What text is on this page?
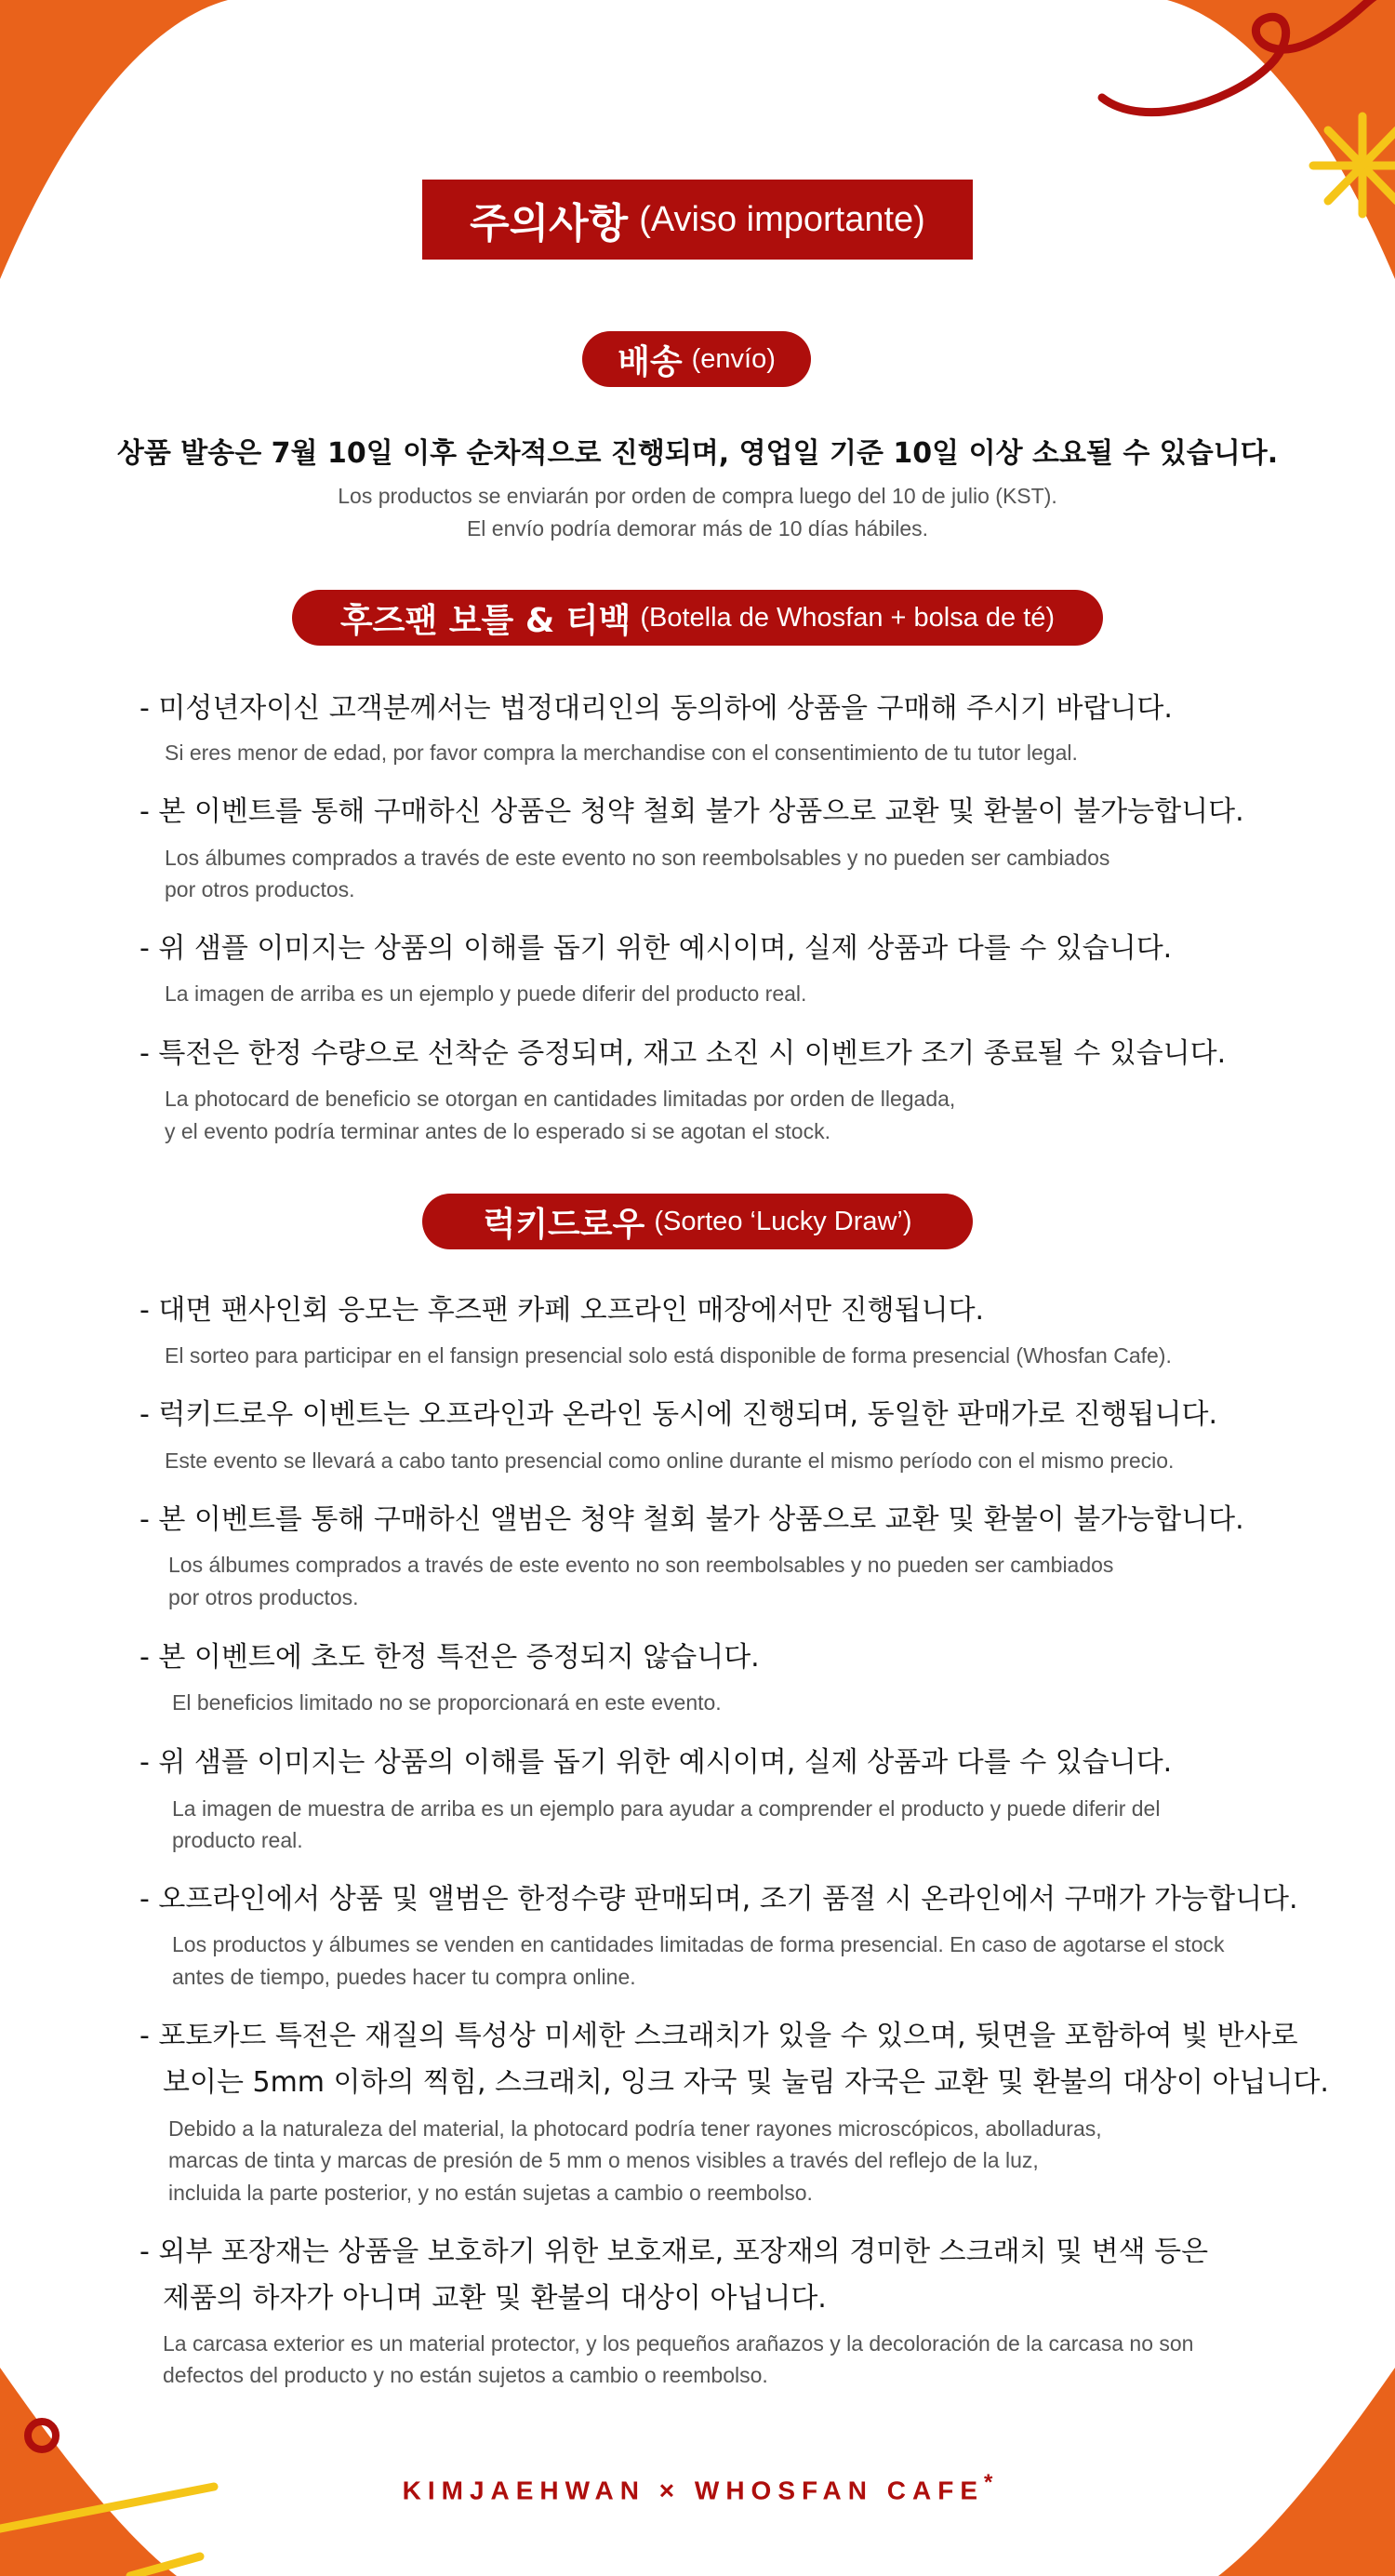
주의사항 (Aviso importante)
배송 (envío)
상품 발송은 7월 10일 이후 순차적으로 진행되며, 영업일 기준 10일 이상 소요될 수 있습니다.
Los productos se enviarán por orden de compra luego del 10 de julio (KST).
El envío podría demorar más de 10 días hábiles.
후즈팬 보틀 & 티백 (Botella de Whosfan + bolsa de té)
- 미성년자이신 고객분께서는 법정대리인의 동의하에 상품을 구매해 주시기 바랍니다.
Si eres menor de edad, por favor compra la merchandise con el consentimiento de tu tutor legal.
- 본 이벤트를 통해 구매하신 상품은 청약 철회 불가 상품으로 교환 및 환불이 불가능합니다.
Los álbumes comprados a través de este evento no son reembolsables y no pueden ser cambiados
por otros productos.
- 위 샘플 이미지는 상품의 이해를 돕기 위한 예시이며, 실제 상품과 다를 수 있습니다.
La imagen de arriba es un ejemplo y puede diferir del producto real.
- 특전은 한정 수량으로 선착순 증정되며, 재고 소진 시 이벤트가 조기 종료될 수 있습니다.
La photocard de beneficio se otorgan en cantidades limitadas por orden de llegada,
y el evento podría terminar antes de lo esperado si se agotan el stock.
럭키드로우 (Sorteo ‘Lucky Draw’)
- 대면 팬사인회 응모는 후즈팬 카페 오프라인 매장에서만 진행됩니다.
El sorteo para participar en el fansign presencial solo está disponible de forma presencial (Whosfan Cafe).
- 럭키드로우 이벤트는 오프라인과 온라인 동시에 진행되며, 동일한 판매가로 진행됩니다.
Este evento se llevará a cabo tanto presencial como online durante el mismo período con el mismo precio.
- 본 이벤트를 통해 구매하신 앨범은 청약 철회 불가 상품으로 교환 및 환불이 불가능합니다.
Los álbumes comprados a través de este evento no son reembolsables y no pueden ser cambiados
por otros productos.
- 본 이벤트에 초도 한정 특전은 증정되지 않습니다.
El beneficios limitado no se proporcionará en este evento.
- 위 샘플 이미지는 상품의 이해를 돕기 위한 예시이며, 실제 상품과 다를 수 있습니다.
La imagen de muestra de arriba es un ejemplo para ayudar a comprender el producto y puede diferir del
producto real.
- 오프라인에서 상품 및 앨범은 한정수량 판매되며, 조기 품절 시 온라인에서 구매가 가능합니다.
Los productos y álbumes se venden en cantidades limitadas de forma presencial. En caso de agotarse el stock
antes de tiempo, puedes hacer tu compra online.
- 포토카드 특전은 재질의 특성상 미세한 스크래치가 있을 수 있으며, 뒷면을 포함하여 빛 반사로
보이는 5mm 이하의 찍힘, 스크래치, 잉크 자국 및 눌림 자국은 교환 및 환불의 대상이 아닙니다.
Debido a la naturaleza del material, la photocard podría tener rayones microscópicos, abolladuras,
marcas de tinta y marcas de presión de 5 mm o menos visibles a través del reflejo de la luz,
incluida la parte posterior, y no están sujetas a cambio o reembolso.
- 외부 포장재는 상품을 보호하기 위한 보호재로, 포장재의 경미한 스크래치 및 변색 등은
제품의 하자가 아니며 교환 및 환불의 대상이 아닙니다.
La carcasa exterior es un material protector, y los pequeños arañazos y la decoloración de la carcasa no son
defectos del producto y no están sujetos a cambio o reembolso.
KIMJAEHWAN × WHOSFAN CAFE*
